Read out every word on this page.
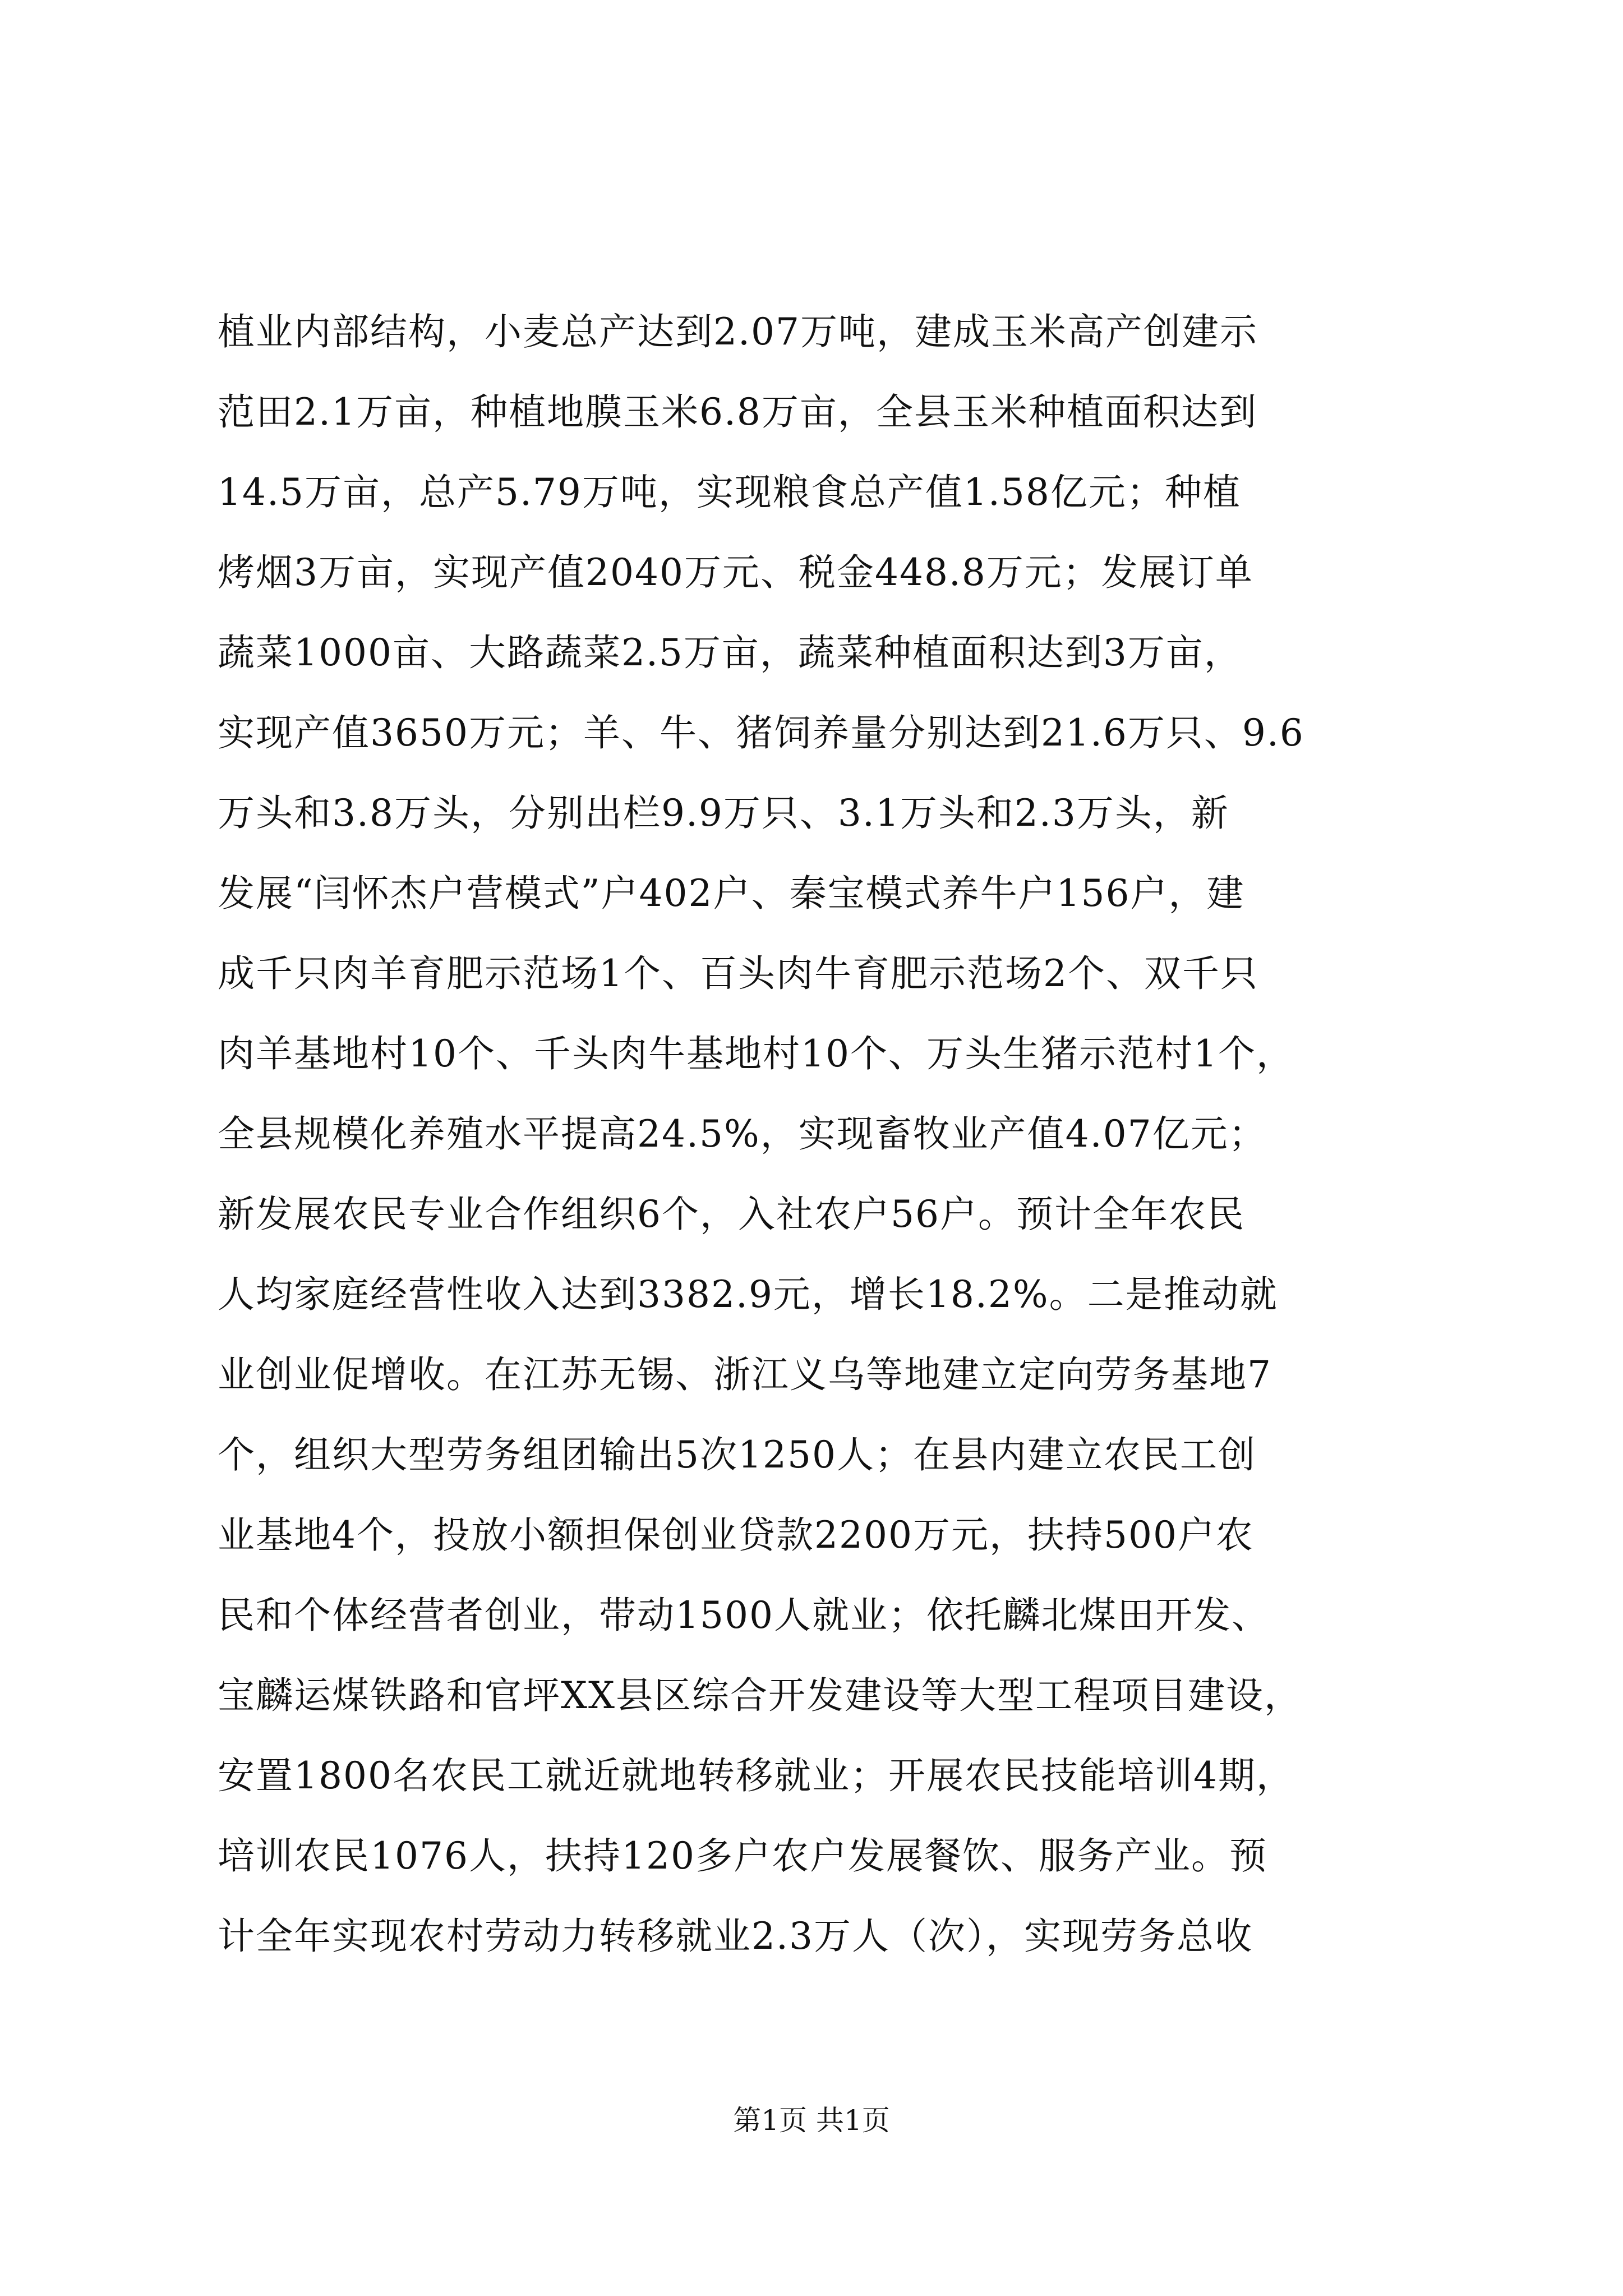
植业内部结构，小麦总产达到2.07万吨，建成玉米高产创建示
范田2.1万亩，种植地膜玉米6.8万亩，全县玉米种植面积达到
14.5万亩，总产5.79万吨，实现粮食总产值1.58亿元；种植
烤烟3万亩，实现产值2040万元、税金448.8万元；发展订单
蔬菜1000亩、大路蔬菜2.5万亩，蔬菜种植面积达到3万亩，
实现产值3650万元；羊、牛、猪饲养量分别达到21.6万只、9.6
万头和3.8万头，分别出栏9.9万只、3.1万头和2.3万头，新
发展“闫怀杰户营模式”户402户、秦宝模式养牛户156户，建
成千只肉羊育肥示范场1个、百头肉牛育肥示范场2个、双千只
肉羊基地村10个、千头肉牛基地村10个、万头生猪示范村1个，
全县规模化养殖水平提高24.5%，实现畜牧业产值4.07亿元；
新发展农民专业合作组织6个，入社农户56户。预计全年农民
人均家庭经营性收入达到3382.9元，增长18.2%。二是推动就
业创业促增收。在江苏无锡、浙江义乌等地建立定向劳务基地7
个，组织大型劳务组团输出5次1250人；在县内建立农民工创
业基地4个，投放小额担保创业贷款2200万元，扶持500户农
民和个体经营者创业，带动1500人就业；依托麟北煤田开发、
宝麟运煤铁路和官坪XX县区综合开发建设等大型工程项目建设，
安置1800名农民工就近就地转移就业；开展农民技能培训4期，
培训农民1076人，扶持120多户农户发展餐饮、服务产业。预
计全年实现农村劳动力转移就业2.3万人（次），实现劳务总收
第1页 共1页
